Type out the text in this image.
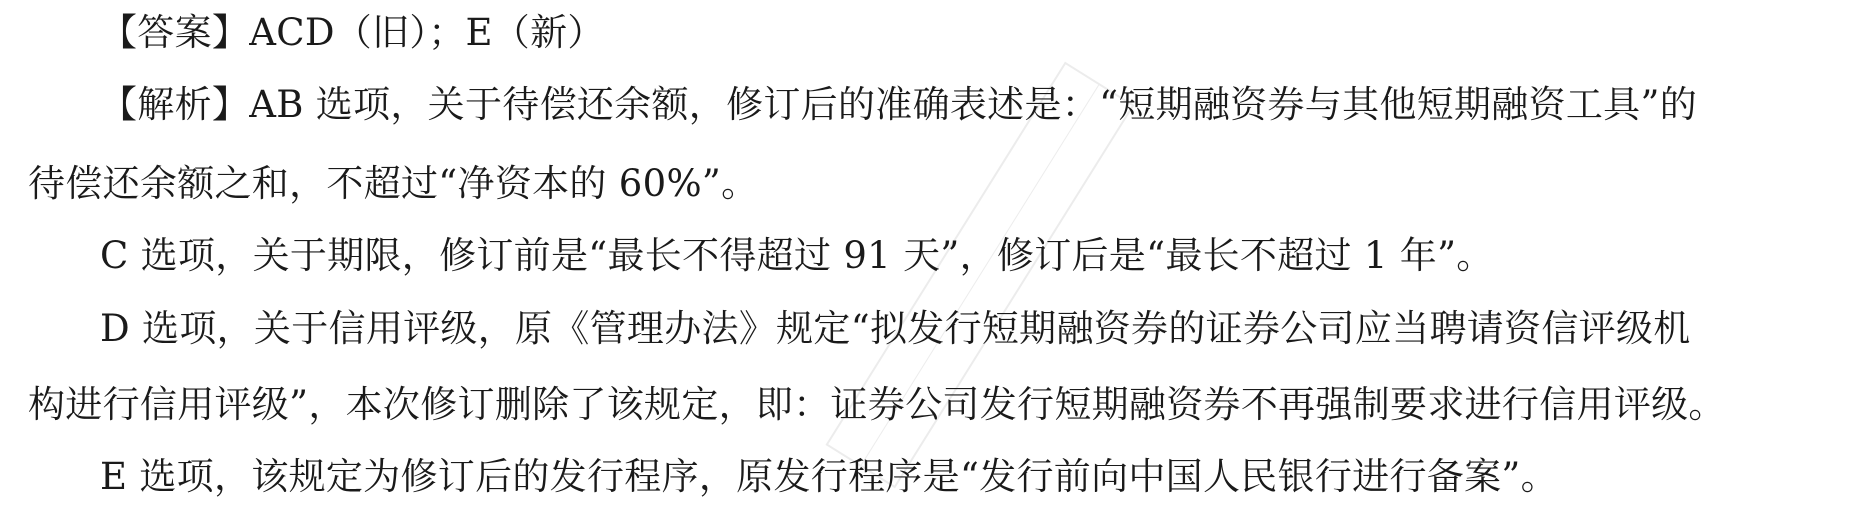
【答案】ACD（旧）；E（新）
【解析】AB 选项，关于待偿还余额，修订后的准确表述是：“短期融资券与其他短期融资工具”的
待偿还余额之和，不超过“净资本的 60%”。
C 选项，关于期限，修订前是“最长不得超过 91 天”，修订后是“最长不超过 1 年”。
D 选项，关于信用评级，原《管理办法》规定“拟发行短期融资券的证券公司应当聘请资信评级机
构进行信用评级”，本次修订删除了该规定，即：证券公司发行短期融资券不再强制要求进行信用评级。
E 选项，该规定为修订后的发行程序，原发行程序是“发行前向中国人民银行进行备案”。
